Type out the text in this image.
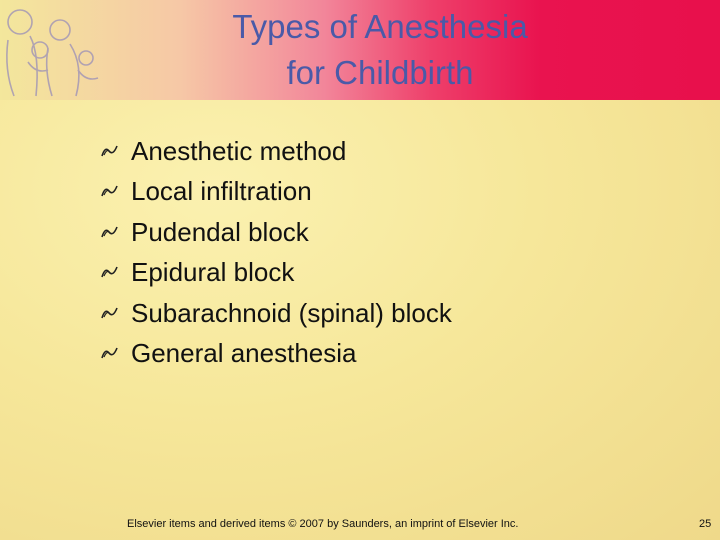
Types of Anesthesia
for Childbirth
Anesthetic method
Local infiltration
Pudendal block
Epidural block
Subarachnoid (spinal) block
General anesthesia
Elsevier items and derived items © 2007 by Saunders, an imprint of Elsevier Inc.	25
